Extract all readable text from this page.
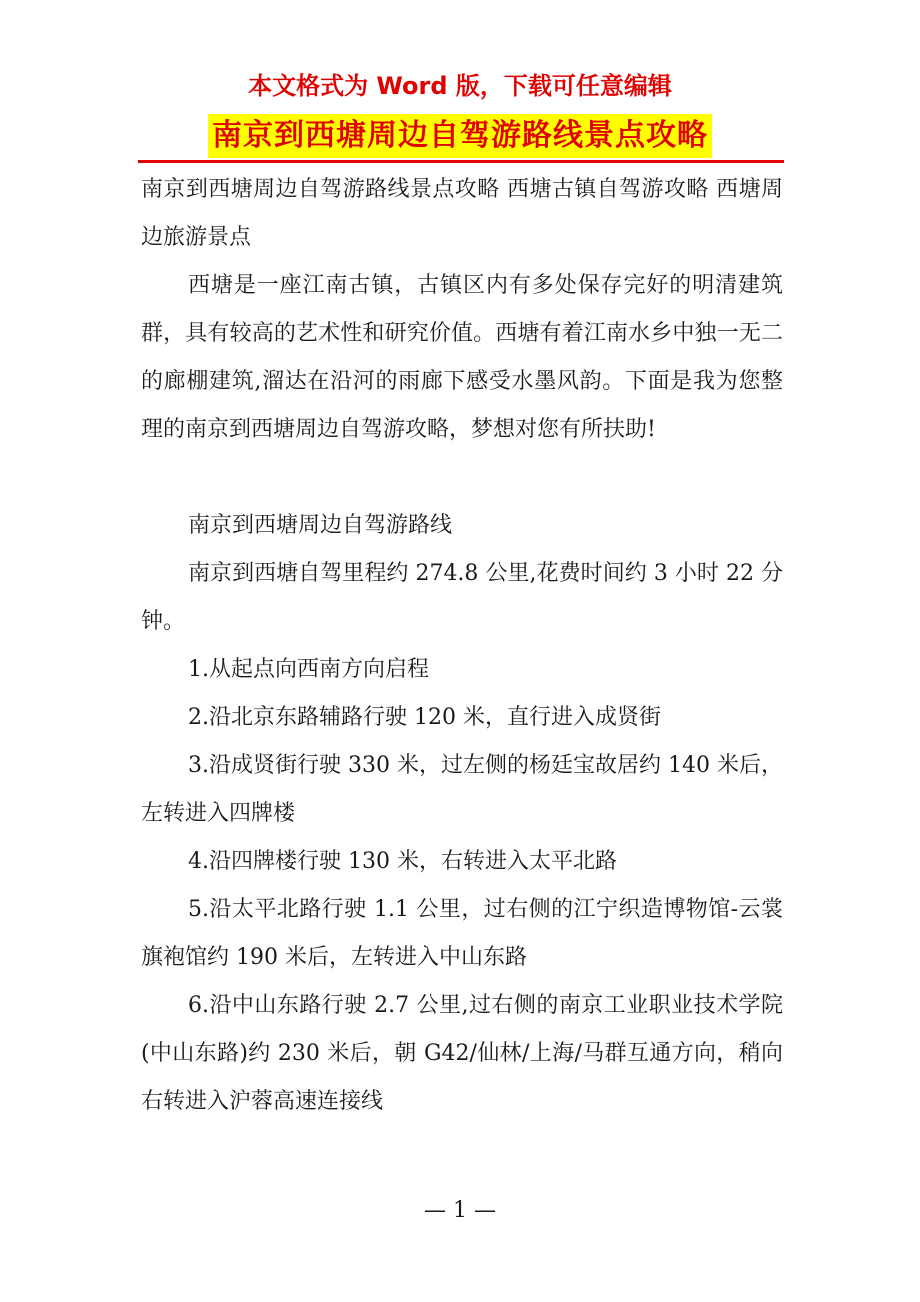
本文格式为 Word 版，下载可任意编辑
南京到西塘周边自驾游路线景点攻略

南京到西塘周边自驾游路线景点攻略 西塘古镇自驾游攻略 西塘周边旅游景点

西塘是一座江南古镇，古镇区内有多处保存完好的明清建筑群，具有较高的艺术性和研究价值。西塘有着江南水乡中独一无二的廊棚建筑,溜达在沿河的雨廊下感受水墨风韵。下面是我为您整理的南京到西塘周边自驾游攻略，梦想对您有所扶助!

南京到西塘周边自驾游路线

南京到西塘自驾里程约 274.8 公里,花费时间约 3 小时 22 分钟。

1.从起点向西南方向启程

2.沿北京东路辅路行驶 120 米，直行进入成贤街

3.沿成贤街行驶 330 米，过左侧的杨廷宝故居约 140 米后，左转进入四牌楼

4.沿四牌楼行驶 130 米，右转进入太平北路

5.沿太平北路行驶 1.1 公里，过右侧的江宁织造博物馆-云裳旗袍馆约 190 米后，左转进入中山东路

6.沿中山东路行驶 2.7 公里,过右侧的南京工业职业技术学院(中山东路)约 230 米后，朝 G42/仙林/上海/马群互通方向，稍向右转进入沪蓉高速连接线

— 1 —
